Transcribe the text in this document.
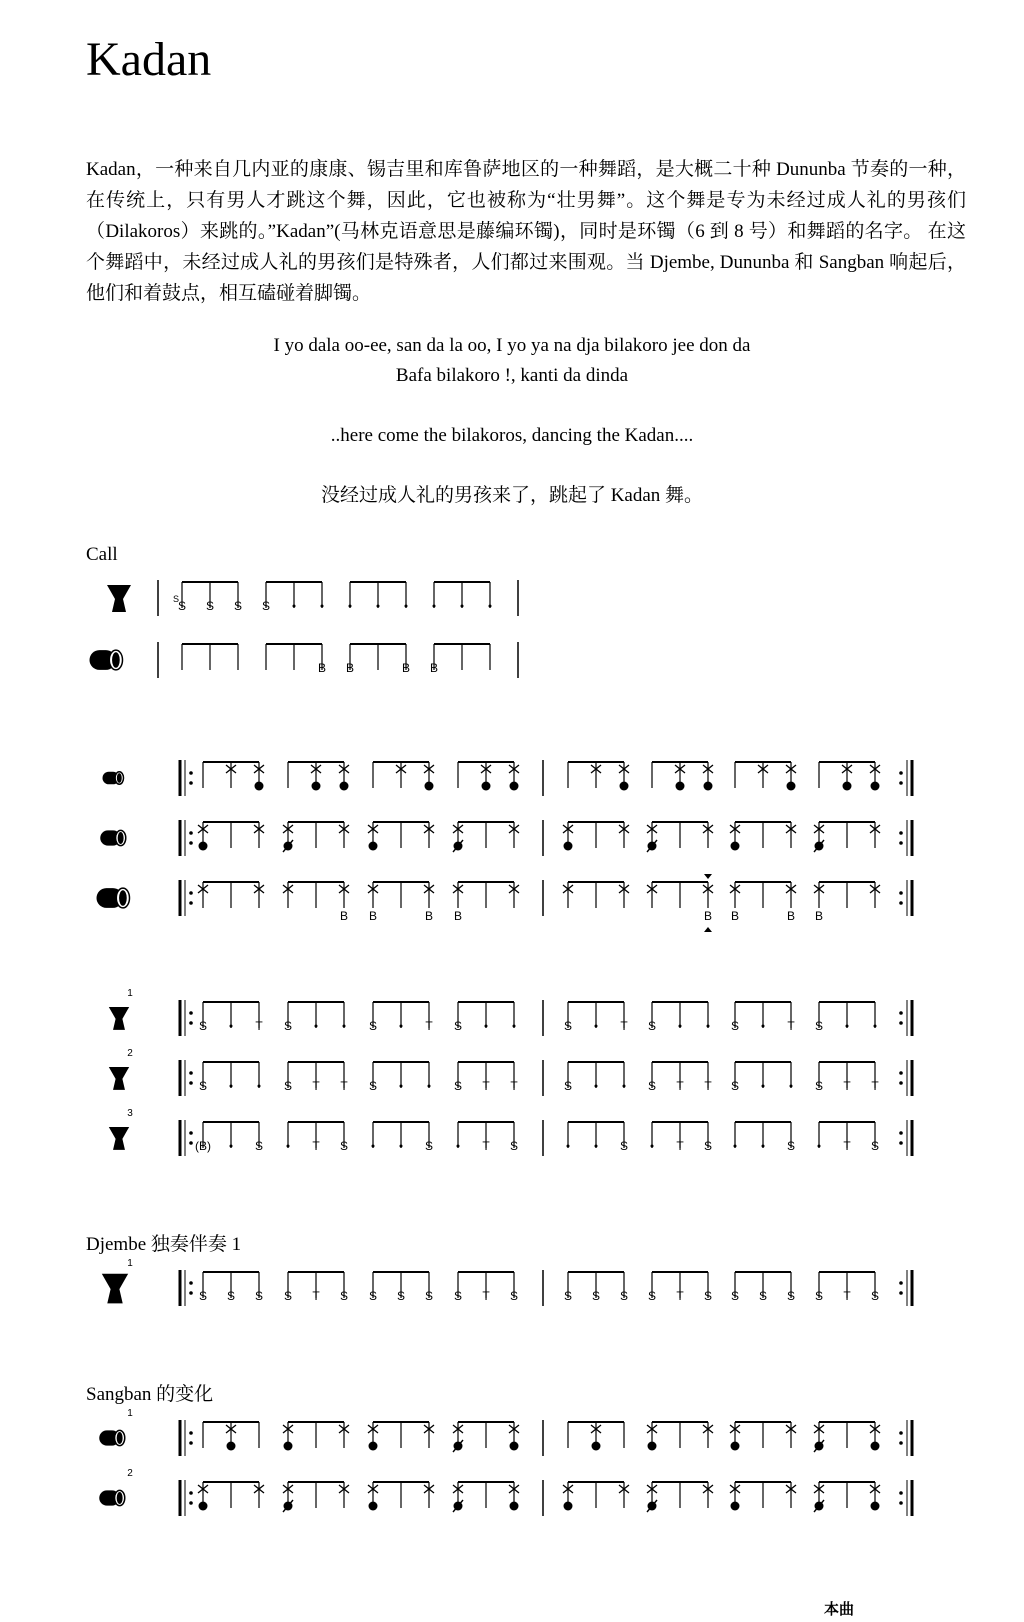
Kadan

Kadan，一种来自几内亚的康康、锡吉里和库鲁萨地区的一种舞蹈，是大概二十种 Dununba 节奏的一种，在传统上，只有男人才跳这个舞，因此，它也被称为“壮男舞”。这个舞是专为未经过成人礼的男孩们（Dilakoros）来跳的。”Kadan”(马林克语意思是藤编环镯)，同时是环镯（6 到 8 号）和舞蹈的名字。 在这个舞蹈中，未经过成人礼的男孩们是特殊者，人们都过来围观。当 Djembe, Dununba 和 Sangban 响起后，他们和着鼓点，相互磕碰着脚镯。

I yo dala oo-ee, san da la oo, I yo ya na dja bilakoro jee don da

Bafa bilakoro !, kanti da dinda

..here come the bilakoros, dancing the Kadan....

没经过成人礼的男孩来了，跳起了 Kadan 舞。

Call

Djembe 独奏伴奏 1

Sangban 的变化

S S S S
S
B B	B B
B B	B B	B B	B B
1
S	T S	S	T S	S	T S	S	T S
2
S	S T T S	S T T	S	S T T S	S T T
3
(B)	S	T S	S	T S	S	T S	S	T S
1
S S S S T S S S S S T S	S S S S T S S S S S T S
1
2
本曲
